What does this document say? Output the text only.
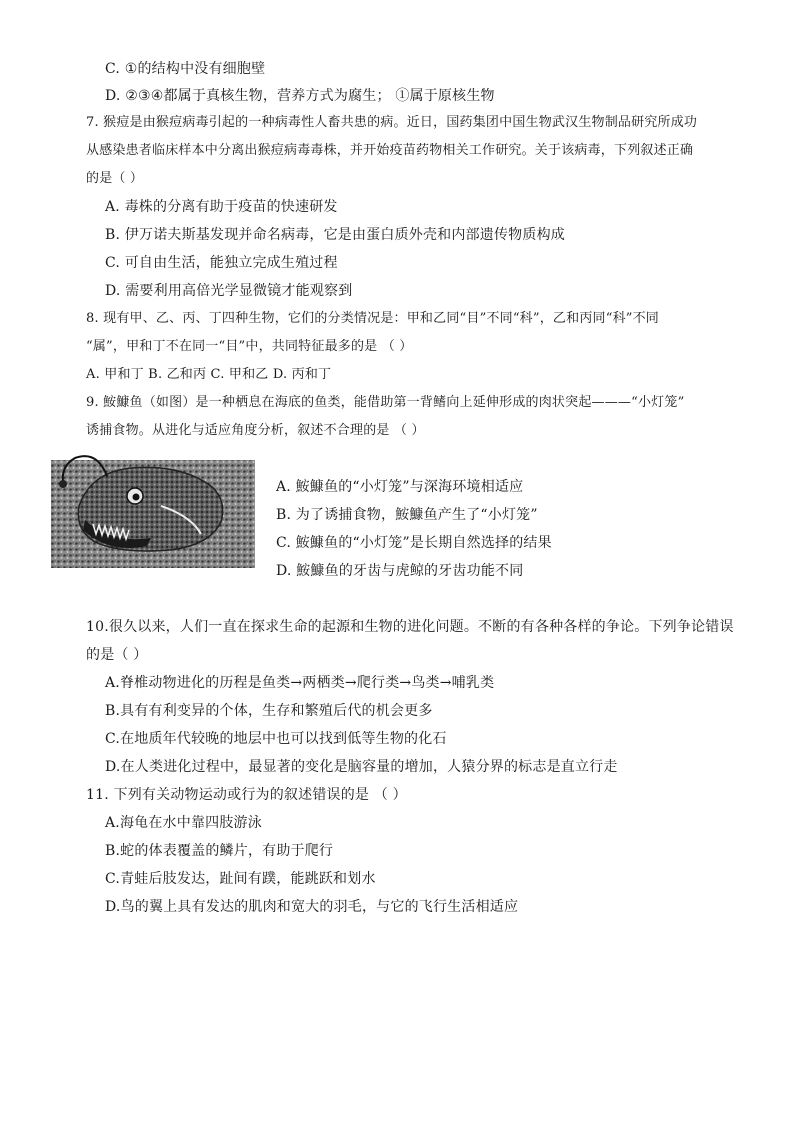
C. ①的结构中没有细胞壁
D. ②③④都属于真核生物，营养方式为腐生； ①属于原核生物
7. 猴痘是由猴痘病毒引起的一种病毒性人畜共患的病。近日，国药集团中国生物武汉生物制品研究所成功
从感染患者临床样本中分离出猴痘病毒毒株，并开始疫苗药物相关工作研究。关于该病毒，下列叙述正确
的是（ ）
A. 毒株的分离有助于疫苗的快速研发
B. 伊万诺夫斯基发现并命名病毒，它是由蛋白质外壳和内部遗传物质构成
C. 可自由生活，能独立完成生殖过程
D. 需要利用高倍光学显微镜才能观察到
8. 现有甲、乙、丙、丁四种生物，它们的分类情况是：甲和乙同“目”不同“科”，乙和丙同“科”不同
“属”，甲和丁不在同一“目”中，共同特征最多的是 （ ）
A. 甲和丁 B. 乙和丙 C. 甲和乙 D. 丙和丁
9. 鮟鱇鱼（如图）是一种栖息在海底的鱼类，能借助第一背鳍向上延伸形成的肉状突起———“小灯笼”
诱捕食物。从进化与适应角度分析，叙述不合理的是 （ ）
A. 鮟鱇鱼的“小灯笼”与深海环境相适应
B. 为了诱捕食物，鮟鱇鱼产生了“小灯笼”
C. 鮟鱇鱼的“小灯笼”是长期自然选择的结果
D. 鮟鱇鱼的牙齿与虎鲸的牙齿功能不同
10.很久以来，人们一直在探求生命的起源和生物的进化问题。不断的有各种各样的争论。下列争论错误
的是（ ）
A.脊椎动物进化的历程是鱼类→两栖类→爬行类→鸟类→哺乳类
B.具有有利变异的个体，生存和繁殖后代的机会更多
C.在地质年代较晚的地层中也可以找到低等生物的化石
D.在人类进化过程中，最显著的变化是脑容量的增加，人猿分界的标志是直立行走
11. 下列有关动物运动或行为的叙述错误的是 （ ）
A.海龟在水中靠四肢游泳
B.蛇的体表覆盖的鳞片，有助于爬行
C.青蛙后肢发达，趾间有蹼，能跳跃和划水
D.鸟的翼上具有发达的肌肉和宽大的羽毛，与它的飞行生活相适应
